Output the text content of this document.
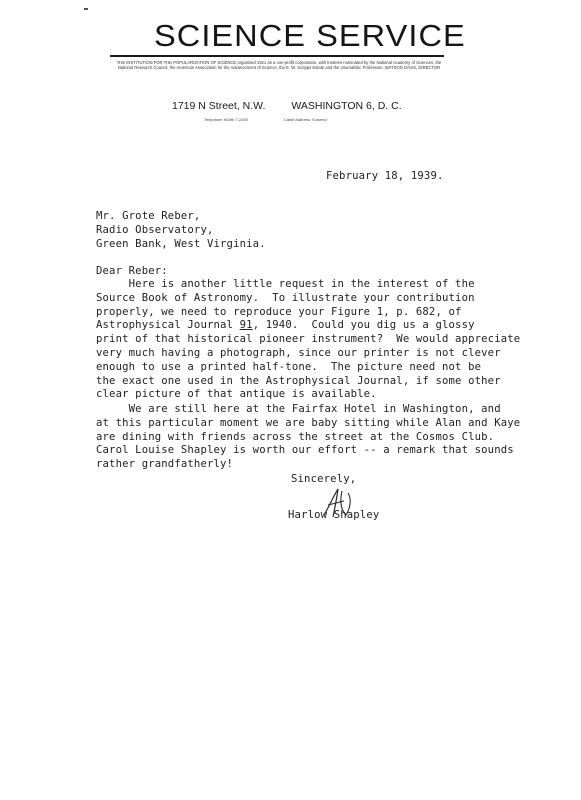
SCIENCE SERVICE
THE INSTITUTION FOR THE POPULARIZATION OF SCIENCE organized 1921 as a non-profit corporation, with trustees nominated by the National Academy of Sciences, the National Research Council, the American Association for the Advancement of Science, the E. W. Scripps Estate and the Journalistic Profession. WATSON DAVIS, DIRECTOR
1719 N Street, N.W. WASHINGTON 6, D. C.
Telephone NOrth 7-2255	Cable Address: Sciservc
February 18, 1939.
Mr. Grote Reber,
Radio Observatory,
Green Bank, West Virginia.
Dear Reber:
Here is another little request in the interest of the
Source Book of Astronomy.  To illustrate your contribution
properly, we need to reproduce your Figure 1, p. 682, of
Astrophysical Journal 91, 1940.  Could you dig us a glossy
print of that historical pioneer instrument?  We would appreciate
very much having a photograph, since our printer is not clever
enough to use a printed half-tone.  The picture need not be
the exact one used in the Astrophysical Journal, if some other
clear picture of that antique is available.
We are still here at the Fairfax Hotel in Washington, and
at this particular moment we are baby sitting while Alan and Kaye
are dining with friends across the street at the Cosmos Club.
Carol Louise Shapley is worth our effort -- a remark that sounds
rather grandfatherly!
Sincerely,
Harlow Shapley
